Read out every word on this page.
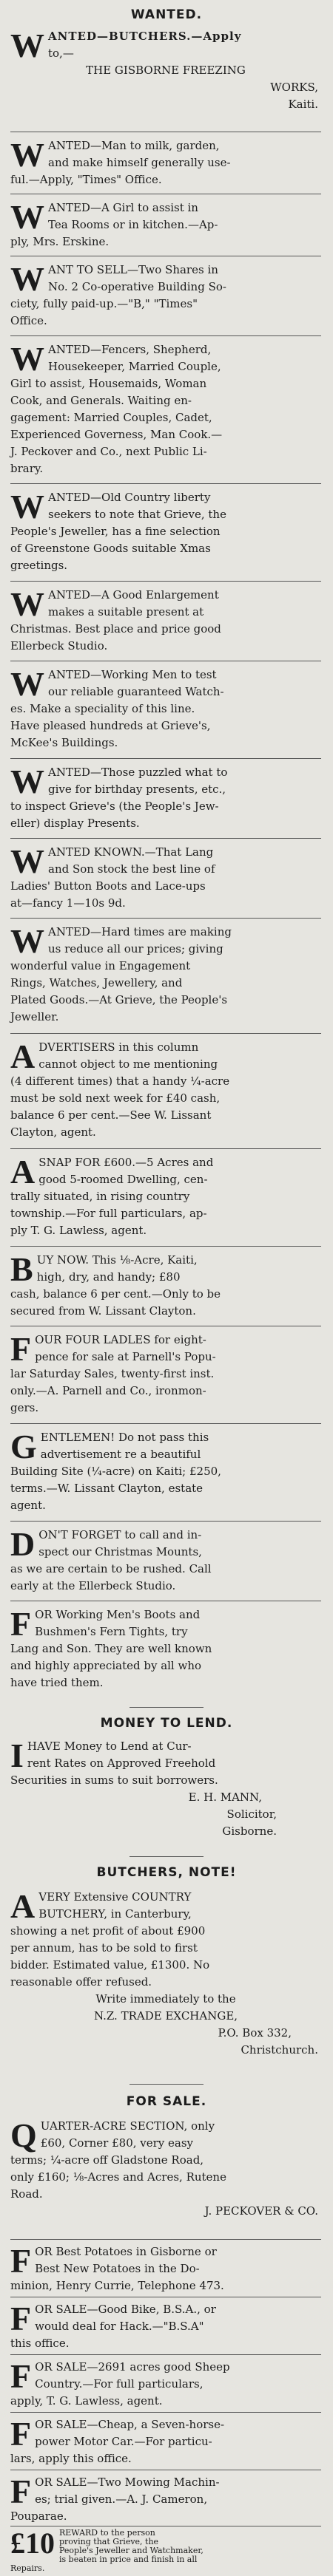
WANTED.
W ANTED—BUTCHERS.—Apply
to,—
THE GISBORNE FREEZING
WORKS,
Kaiti.
W ANTED—Man to milk, garden,
and make himself generally use-
ful.—Apply, "Times" Office.
W ANTED—A Girl to assist in
Tea Rooms or in kitchen.—Ap-
ply, Mrs. Erskine.
W ANT TO SELL—Two Shares in
No. 2 Co-operative Building So-
ciety, fully paid-up.—"B," "Times"
Office.
W ANTED—Fencers, Shepherd,
Housekeeper, Married Couple,
Girl to assist, Housemaids, Woman
Cook, and Generals. Waiting en-
gagement: Married Couples, Cadet,
Experienced Governess, Man Cook.—
J. Peckover and Co., next Public Li-
brary.
W ANTED—Old Country liberty
seekers to note that Grieve, the
People's Jeweller, has a fine selection
of Greenstone Goods suitable Xmas
greetings.
W ANTED—A Good Enlargement
makes a suitable present at
Christmas. Best place and price good
Ellerbeck Studio.
W ANTED—Working Men to test
our reliable guaranteed Watch-
es. Make a speciality of this line.
Have pleased hundreds at Grieve's,
McKee's Buildings.
W ANTED—Those puzzled what to
give for birthday presents, etc.,
to inspect Grieve's (the People's Jew-
eller) display Presents.
W ANTED KNOWN.—That Lang
and Son stock the best line of
Ladies' Button Boots and Lace-ups
at—fancy 1—10s 9d.
W ANTED—Hard times are making
us reduce all our prices; giving
wonderful value in Engagement
Rings, Watches, Jewellery, and
Plated Goods.—At Grieve, the People's
Jeweller.
A DVERTISERS in this column
cannot object to me mentioning
(4 different times) that a handy ¼-acre
must be sold next week for £40 cash,
balance 6 per cent.—See W. Lissant
Clayton, agent.
A SNAP FOR £600.—5 Acres and
good 5-roomed Dwelling, cen-
trally situated, in rising country
township.—For full particulars, ap-
ply T. G. Lawless, agent.
B UY NOW. This ⅛-Acre, Kaiti,
high, dry, and handy; £80
cash, balance 6 per cent.—Only to be
secured from W. Lissant Clayton.
F OUR FOUR LADLES for eight-
pence for sale at Parnell's Popu-
lar Saturday Sales, twenty-first inst.
only.—A. Parnell and Co., ironmon-
gers.
G ENTLEMEN! Do not pass this
advertisement re a beautiful
Building Site (¼-acre) on Kaiti; £250,
terms.—W. Lissant Clayton, estate
agent.
D ON'T FORGET to call and in-
spect our Christmas Mounts,
as we are certain to be rushed. Call
early at the Ellerbeck Studio.
F OR Working Men's Boots and
Bushmen's Fern Tights, try
Lang and Son. They are well known
and highly appreciated by all who
have tried them.
MONEY TO LEND.
I HAVE Money to Lend at Cur-
rent Rates on Approved Freehold
Securities in sums to suit borrowers.
E. H. MANN,
Solicitor,
Gisborne.
BUTCHERS, NOTE!
A VERY Extensive COUNTRY
BUTCHERY, in Canterbury,
showing a net profit of about £900
per annum, has to be sold to first
bidder. Estimated value, £1300. No
reasonable offer refused.
Write immediately to the
N.Z. TRADE EXCHANGE,
P.O. Box 332,
Christchurch.
FOR SALE.
Q UARTER-ACRE SECTION, only
£60, Corner £80, very easy
terms; ¼-acre off Gladstone Road,
only £160; ⅛-Acres and Acres, Rutene
Road.
J. PECKOVER & CO.
F OR Best Potatoes in Gisborne or
Best New Potatoes in the Do-
minion, Henry Currie, Telephone 473.
F OR SALE—Good Bike, B.S.A., or
would deal for Hack.—"B.S.A"
this office.
F OR SALE—2691 acres good Sheep
Country.—For full particulars,
apply, T. G. Lawless, agent.
F OR SALE—Cheap, a Seven-horse-
power Motor Car.—For particu-
lars, apply this office.
F OR SALE—Two Mowing Machin-
es; trial given.—A. J. Cameron,
Pouparae.
£10 REWARD to the person
proving that Grieve, the
People's Jeweller and Watchmaker,
is beaten in price and finish in all
Repairs.
